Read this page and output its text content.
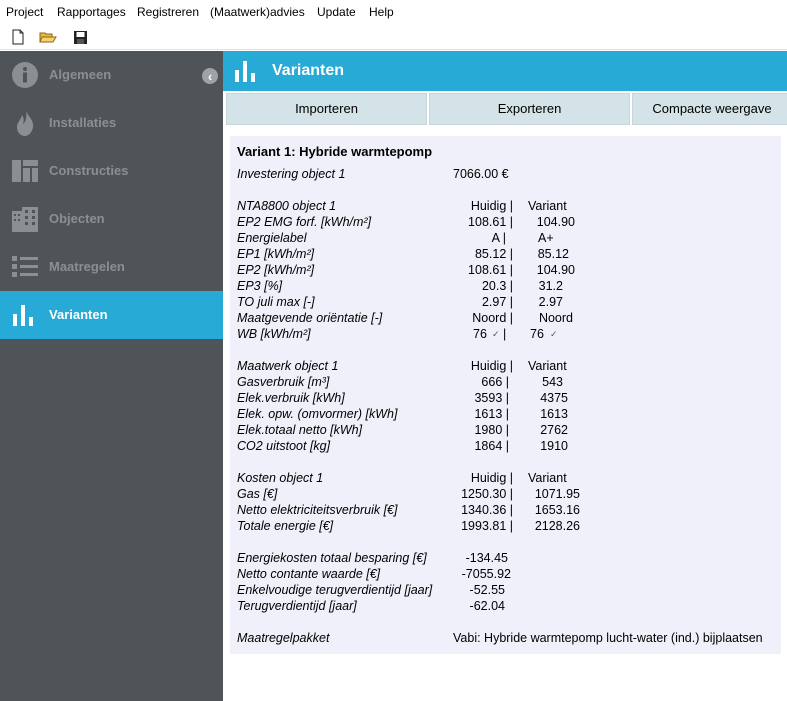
Project Rapportages Registreren (Maatwerk)advies Update Help
Algemeen	‹
Installaties
Constructies
Objecten
Maatregelen
Varianten
Varianten
Importeren	Exporteren	Compacte weergave
Variant 1: Hybride warmtepomp
Investering object 1	7066.00 €
NTA8800 object 1	Huidig | Variant
EP2 EMG forf. [kWh/m²]	108.61 |	104.90
Energielabel	A |	A+
EP1 [kWh/m²]	85.12 |	85.12
EP2 [kWh/m²]	108.61 |	104.90
EP3 [%]	20.3 |	31.2
TO juli max [-]	2.97 |	2.97
Maatgevende oriëntatie [-]	Noord |	Noord
WB [kWh/m²]	76 ✓ | 76 ✓
Maatwerk object 1	Huidig | Variant
Gasverbruik [m³]	666 |	543
Elek.verbruik [kWh]	3593 |	4375
Elek. opw. (omvormer) [kWh]	1613 |	1613
Elek.totaal netto [kWh]	1980 |	2762
CO2 uitstoot [kg]	1864 |	1910
Kosten object 1	Huidig | Variant
Gas [€]	1250.30 |	1071.95
Netto elektriciteitsverbruik [€]	1340.36 |	1653.16
Totale energie [€]	1993.81 |	2128.26
Energiekosten totaal besparing [€]	-134.45
Netto contante waarde [€]	-7055.92
Enkelvoudige terugverdientijd [jaar]	-52.55
Terugverdientijd [jaar]	-62.04
Maatregelpakket	Vabi: Hybride warmtepomp lucht-water (ind.) bijplaatsen
